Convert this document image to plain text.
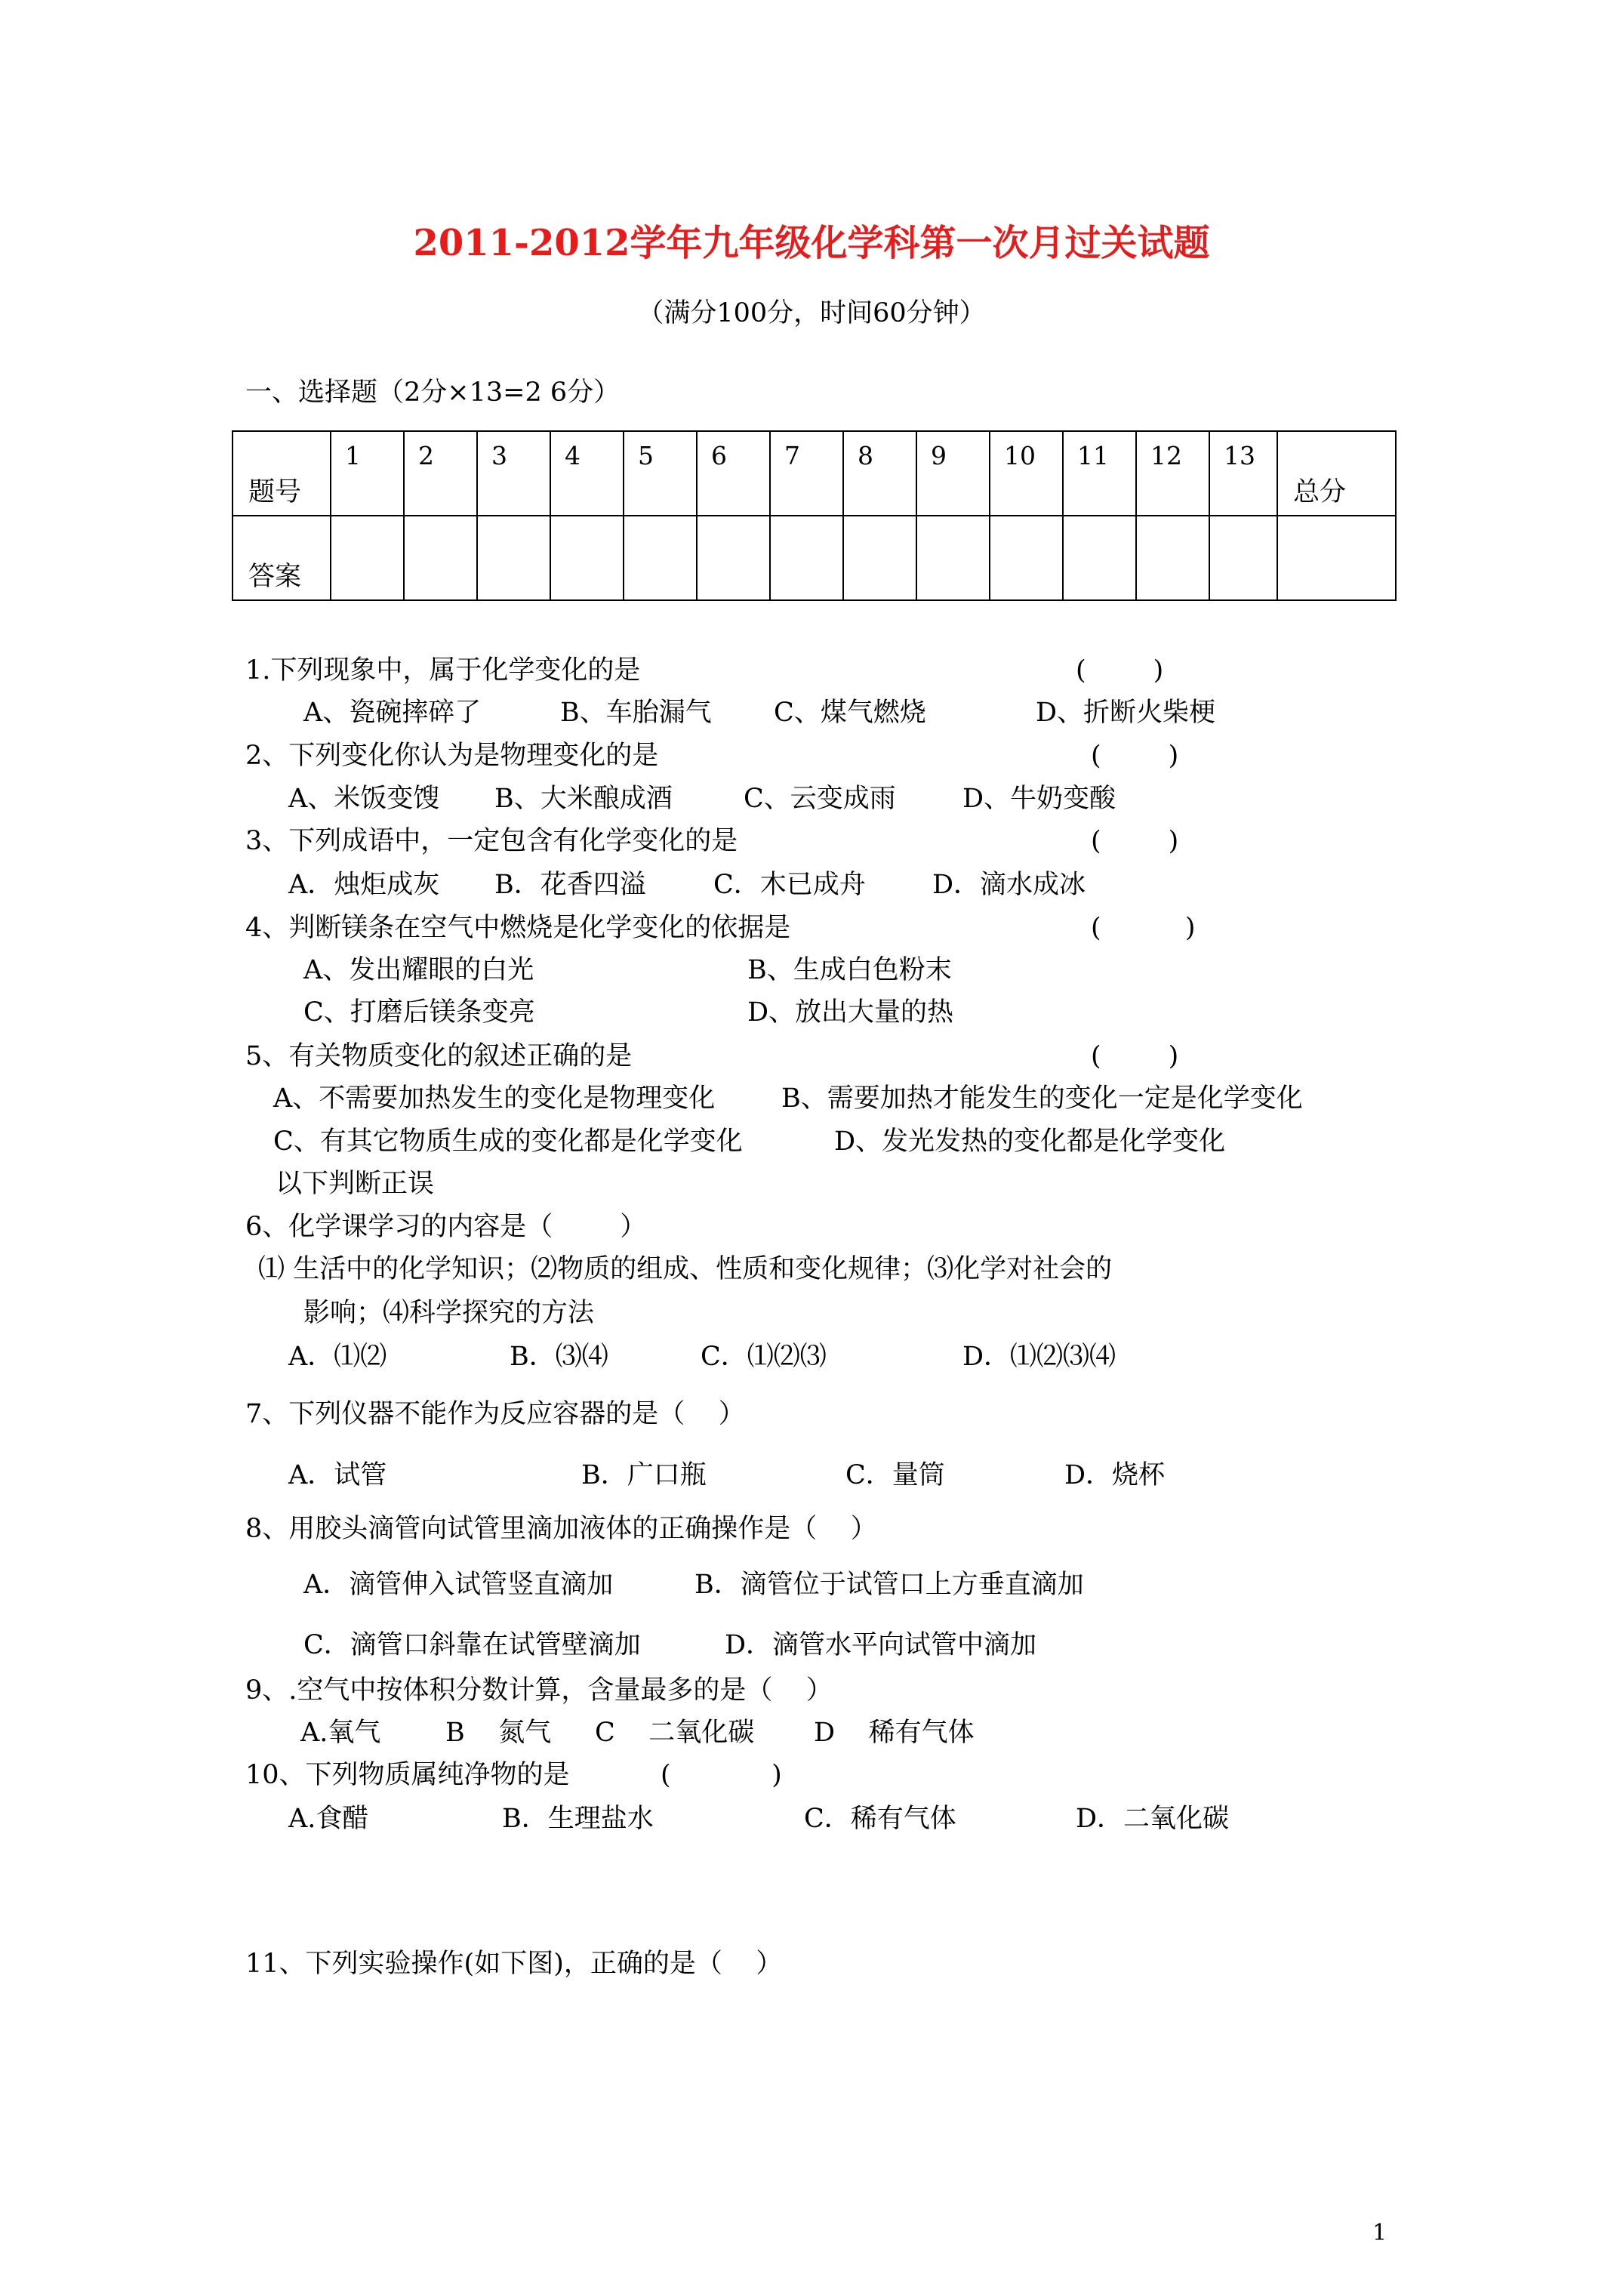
2011-2012学年九年级化学科第一次月过关试题
（满分100分，时间60分钟）
一、选择题（2分×13=2 6分）
题号	1	2	3	4	5	6	7	8	9	10	11	12	13	总分
答案														
1.下列现象中，属于化学变化的是	(        )
A、瓷碗摔碎了	B、车胎漏气 C、煤气燃烧	D、折断火柴梗
2、下列变化你认为是物理变化的是	(        )
A、米饭变馊 B、大米酿成酒	C、云变成雨	D、牛奶变酸
3、下列成语中，一定包含有化学变化的是	(        )
A．烛炬成灰 B．花香四溢	C．木已成舟	D．滴水成冰
4、判断镁条在空气中燃烧是化学变化的依据是	(          )
A、发出耀眼的白光	B、生成白色粉末
C、打磨后镁条变亮	D、放出大量的热
5、有关物质变化的叙述正确的是	(        )
A、不需要加热发生的变化是物理变化	B、需要加热才能发生的变化一定是化学变化
C、有其它物质生成的变化都是化学变化	D、发光发热的变化都是化学变化
以下判断正误
6、化学课学习的内容是（        ）
⑴ 生活中的化学知识；⑵物质的组成、性质和变化规律；⑶化学对社会的
影响；⑷科学探究的方法
A．⑴⑵	B．⑶⑷	C．⑴⑵⑶	D．⑴⑵⑶⑷
7、下列仪器不能作为反应容器的是（    ）
A．试管	B．广口瓶	C．量筒	D．烧杯
8、用胶头滴管向试管里滴加液体的正确操作是（    ）
A．滴管伸入试管竖直滴加	B．滴管位于试管口上方垂直滴加
C．滴管口斜靠在试管壁滴加	D．滴管水平向试管中滴加
9、.空气中按体积分数计算，含量最多的是（    ）
A.氧气 B    氮气 C    二氧化碳 D    稀有气体
10、下列物质属纯净物的是	(            )
A.食醋	B．生理盐水	C．稀有气体	D．二氧化碳
11、下列实验操作(如下图)，正确的是（    ）
1
